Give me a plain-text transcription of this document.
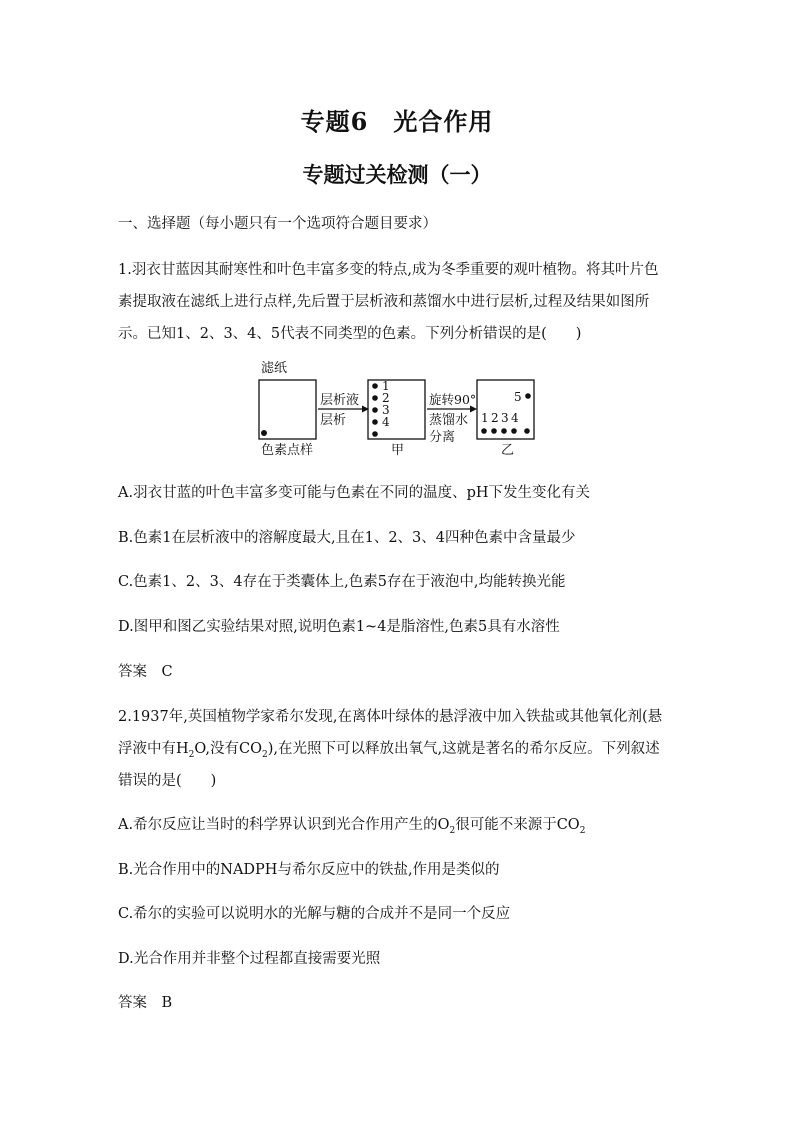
专题6　光合作用
专题过关检测（一）
一、选择题（每小题只有一个选项符合题目要求）
1.羽衣甘蓝因其耐寒性和叶色丰富多变的特点,成为冬季重要的观叶植物。将其叶片色
素提取液在滤纸上进行点样,先后置于层析液和蒸馏水中进行层析,过程及结果如图所
示。已知1、2、3、4、5代表不同类型的色素。下列分析错误的是(　　)
滤纸
色素点样
层析液
层析
1
2
3
4
甲
旋转90°
蒸馏水
分离
5
1 2 3 4
乙
A.羽衣甘蓝的叶色丰富多变可能与色素在不同的温度、pH下发生变化有关
B.色素1在层析液中的溶解度最大,且在1、2、3、4四种色素中含量最少
C.色素1、2、3、4存在于类囊体上,色素5存在于液泡中,均能转换光能
D.图甲和图乙实验结果对照,说明色素1~4是脂溶性,色素5具有水溶性
答案　C
2.1937年,英国植物学家希尔发现,在离体叶绿体的悬浮液中加入铁盐或其他氧化剂(悬
浮液中有$H_2O$,没有$CO_2$),在光照下可以释放出氧气,这就是著名的希尔反应。下列叙述
错误的是(　　)
A.希尔反应让当时的科学界认识到光合作用产生的$O_2$很可能不来源于$CO_2$
B.光合作用中的NADPH与希尔反应中的铁盐,作用是类似的
C.希尔的实验可以说明水的光解与糖的合成并不是同一个反应
D.光合作用并非整个过程都直接需要光照
答案　B
